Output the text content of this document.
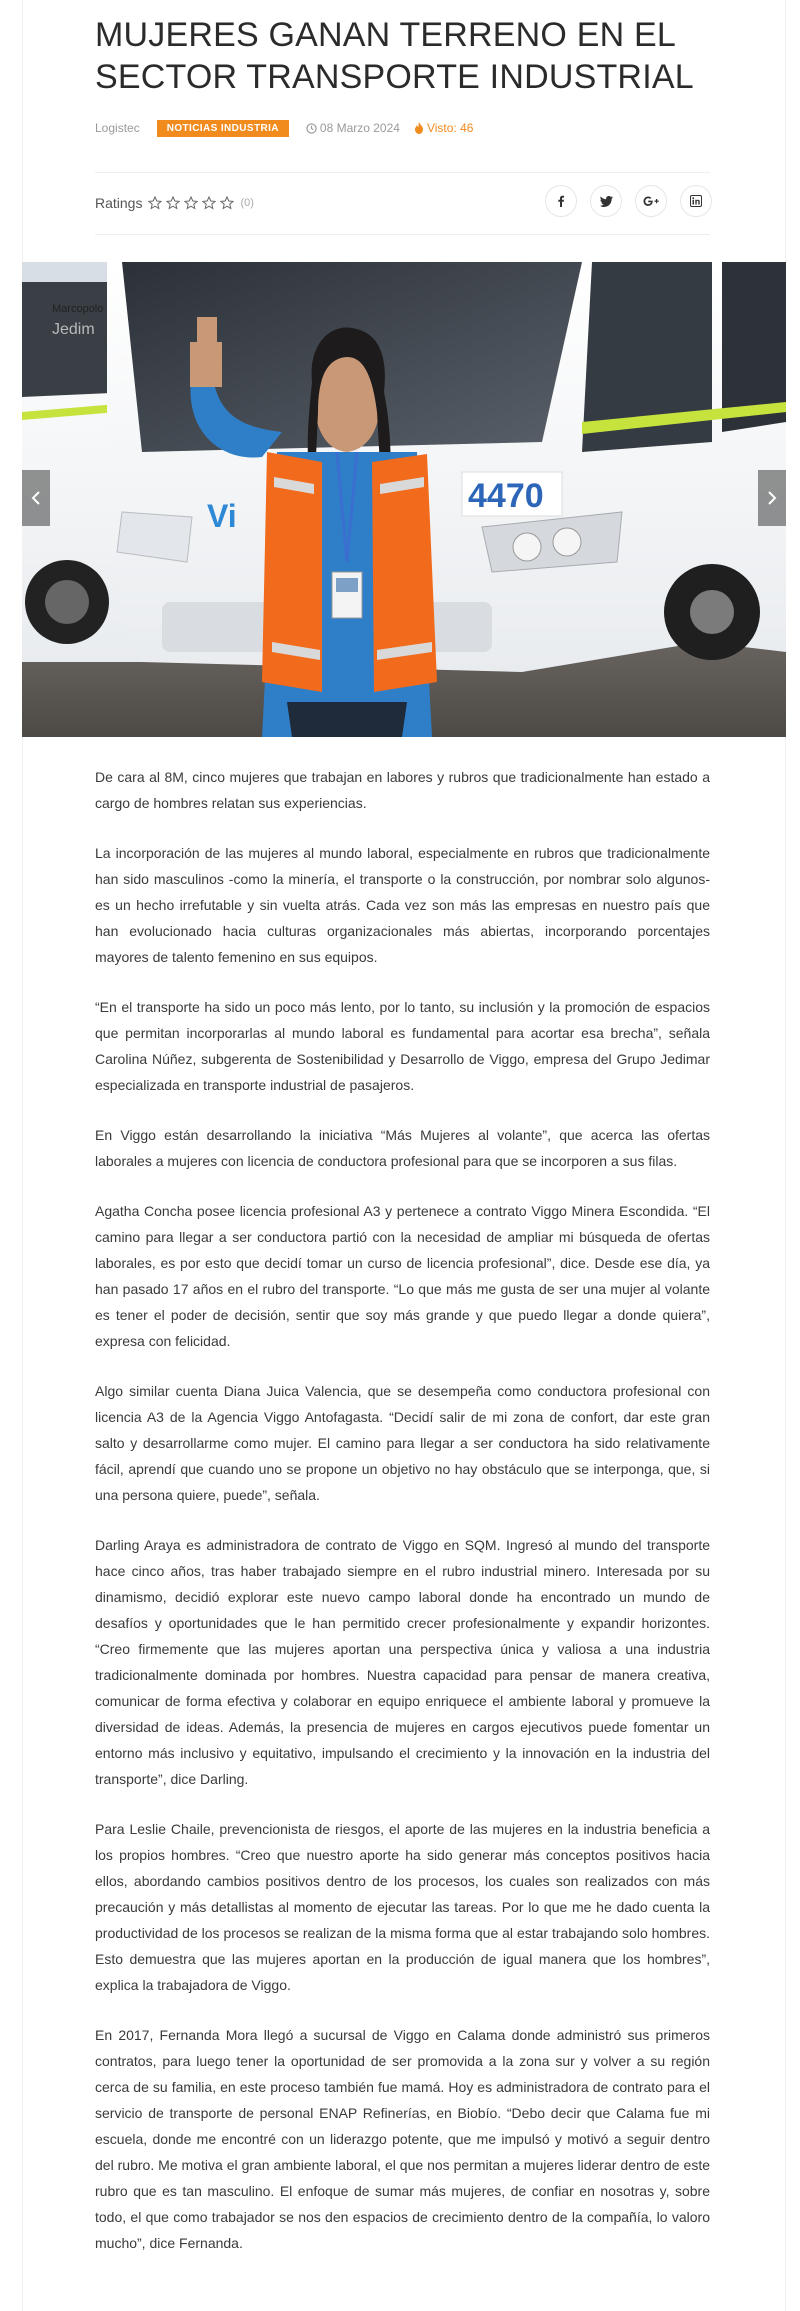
MUJERES GANAN TERRENO EN EL SECTOR TRANSPORTE INDUSTRIAL
Logistec	NOTICIAS INDUSTRIA	08 Marzo 2024 Visto: 46
Ratings	(0)
Marcopolo
Jedim
4470
Vi

De cara al 8M, cinco mujeres que trabajan en labores y rubros que tradicionalmente han estado a cargo de hombres relatan sus experiencias.

La incorporación de las mujeres al mundo laboral, especialmente en rubros que tradicionalmente han sido masculinos -como la minería, el transporte o la construcción, por nombrar solo algunos- es un hecho irrefutable y sin vuelta atrás. Cada vez son más las empresas en nuestro país que han evolucionado hacia culturas organizacionales más abiertas, incorporando porcentajes mayores de talento femenino en sus equipos.

“En el transporte ha sido un poco más lento, por lo tanto, su inclusión y la promoción de espacios que permitan incorporarlas al mundo laboral es fundamental para acortar esa brecha”, señala Carolina Núñez, subgerenta de Sostenibilidad y Desarrollo de Viggo, empresa del Grupo Jedimar especializada en transporte industrial de pasajeros.

En Viggo están desarrollando la iniciativa “Más Mujeres al volante”, que acerca las ofertas laborales a mujeres con licencia de conductora profesional para que se incorporen a sus filas.

Agatha Concha posee licencia profesional A3 y pertenece a contrato Viggo Minera Escondida. “El camino para llegar a ser conductora partió con la necesidad de ampliar mi búsqueda de ofertas laborales, es por esto que decidí tomar un curso de licencia profesional”, dice. Desde ese día, ya han pasado 17 años en el rubro del transporte. “Lo que más me gusta de ser una mujer al volante es tener el poder de decisión, sentir que soy más grande y que puedo llegar a donde quiera”, expresa con felicidad.

Algo similar cuenta Diana Juica Valencia, que se desempeña como conductora profesional con licencia A3 de la Agencia Viggo Antofagasta. “Decidí salir de mi zona de confort, dar este gran salto y desarrollarme como mujer. El camino para llegar a ser conductora ha sido relativamente fácil, aprendí que cuando uno se propone un objetivo no hay obstáculo que se interponga, que, si una persona quiere, puede”, señala.

Darling Araya es administradora de contrato de Viggo en SQM. Ingresó al mundo del transporte hace cinco años, tras haber trabajado siempre en el rubro industrial minero. Interesada por su dinamismo, decidió explorar este nuevo campo laboral donde ha encontrado un mundo de desafíos y oportunidades que le han permitido crecer profesionalmente y expandir horizontes. “Creo firmemente que las mujeres aportan una perspectiva única y valiosa a una industria tradicionalmente dominada por hombres. Nuestra capacidad para pensar de manera creativa, comunicar de forma efectiva y colaborar en equipo enriquece el ambiente laboral y promueve la diversidad de ideas. Además, la presencia de mujeres en cargos ejecutivos puede fomentar un entorno más inclusivo y equitativo, impulsando el crecimiento y la innovación en la industria del transporte”, dice Darling.

Para Leslie Chaile, prevencionista de riesgos, el aporte de las mujeres en la industria beneficia a los propios hombres. “Creo que nuestro aporte ha sido generar más conceptos positivos hacia ellos, abordando cambios positivos dentro de los procesos, los cuales son realizados con más precaución y más detallistas al momento de ejecutar las tareas. Por lo que me he dado cuenta la productividad de los procesos se realizan de la misma forma que al estar trabajando solo hombres. Esto demuestra que las mujeres aportan en la producción de igual manera que los hombres”, explica la trabajadora de Viggo.

En 2017, Fernanda Mora llegó a sucursal de Viggo en Calama donde administró sus primeros contratos, para luego tener la oportunidad de ser promovida a la zona sur y volver a su región cerca de su familia, en este proceso también fue mamá. Hoy es administradora de contrato para el servicio de transporte de personal ENAP Refinerías, en Biobío. “Debo decir que Calama fue mi escuela, donde me encontré con un liderazgo potente, que me impulsó y motivó a seguir dentro del rubro. Me motiva el gran ambiente laboral, el que nos permitan a mujeres liderar dentro de este rubro que es tan masculino. El enfoque de sumar más mujeres, de confiar en nosotras y, sobre todo, el que como trabajador se nos den espacios de crecimiento dentro de la compañía, lo valoro mucho”, dice Fernanda.
